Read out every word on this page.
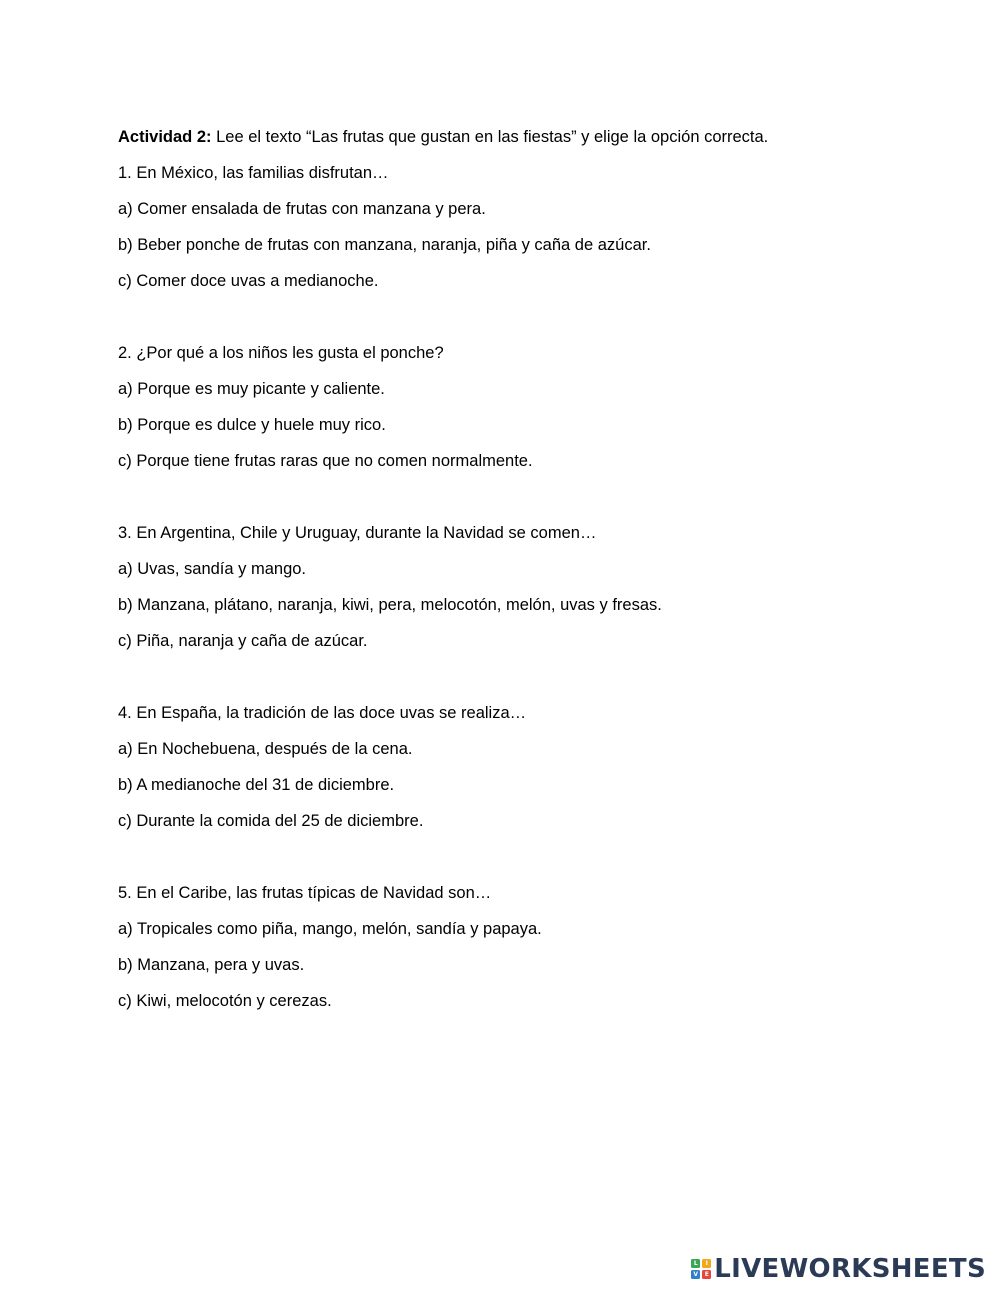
Actividad 2: Lee el texto “Las frutas que gustan en las fiestas” y elige la opción correcta.
1. En México, las familias disfrutan…
a) Comer ensalada de frutas con manzana y pera.
b) Beber ponche de frutas con manzana, naranja, piña y caña de azúcar.
c) Comer doce uvas a medianoche.
2. ¿Por qué a los niños les gusta el ponche?
a) Porque es muy picante y caliente.
b) Porque es dulce y huele muy rico.
c) Porque tiene frutas raras que no comen normalmente.
3. En Argentina, Chile y Uruguay, durante la Navidad se comen…
a) Uvas, sandía y mango.
b) Manzana, plátano, naranja, kiwi, pera, melocotón, melón, uvas y fresas.
c) Piña, naranja y caña de azúcar.
4. En España, la tradición de las doce uvas se realiza…
a) En Nochebuena, después de la cena.
b) A medianoche del 31 de diciembre.
c) Durante la comida del 25 de diciembre.
5. En el Caribe, las frutas típicas de Navidad son…
a) Tropicales como piña, mango, melón, sandía y papaya.
b) Manzana, pera y uvas.
c) Kiwi, melocotón y cerezas.
L	I
V	E LIVEWORKSHEETS
